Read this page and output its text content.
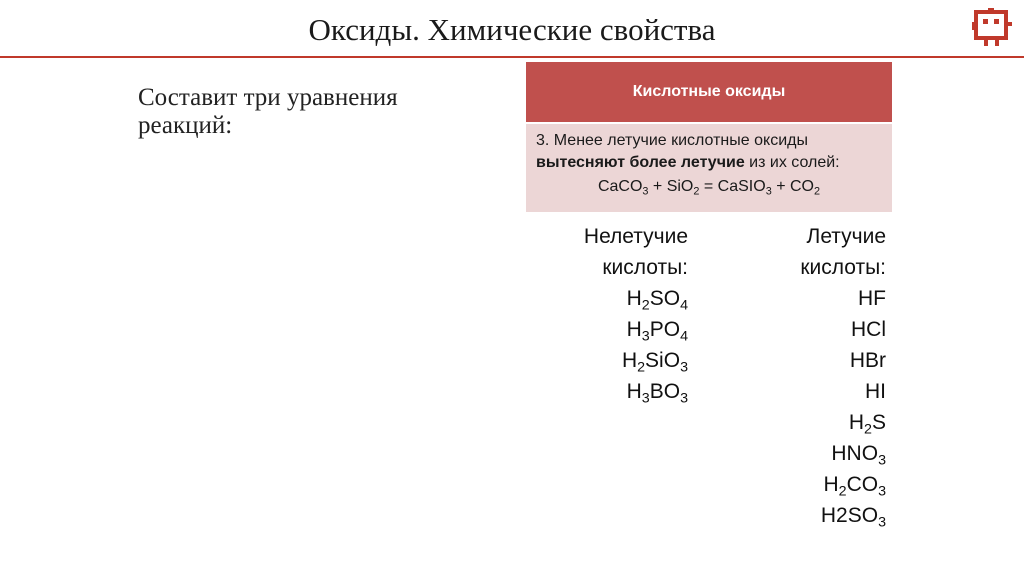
Оксиды. Химические свойства
Составит три уравнения реакций:
Кислотные оксиды
3. Менее летучие кислотные оксиды
вытесняют более летучие из их солей:
CaCO$_3$ + SiO$_2$ = CaSIO$_3$ + $CO_2$
Нелетучие
кислоты:
$H_2SO_4$
$H_3PO_4$
$H_2SiO_3$
$H_3BO_3$
Летучие
кислоты:
HF
HCl
HBr
HI
$H_2S$
$HNO_3$
$H_2CO_3$
$H2SO_3$
